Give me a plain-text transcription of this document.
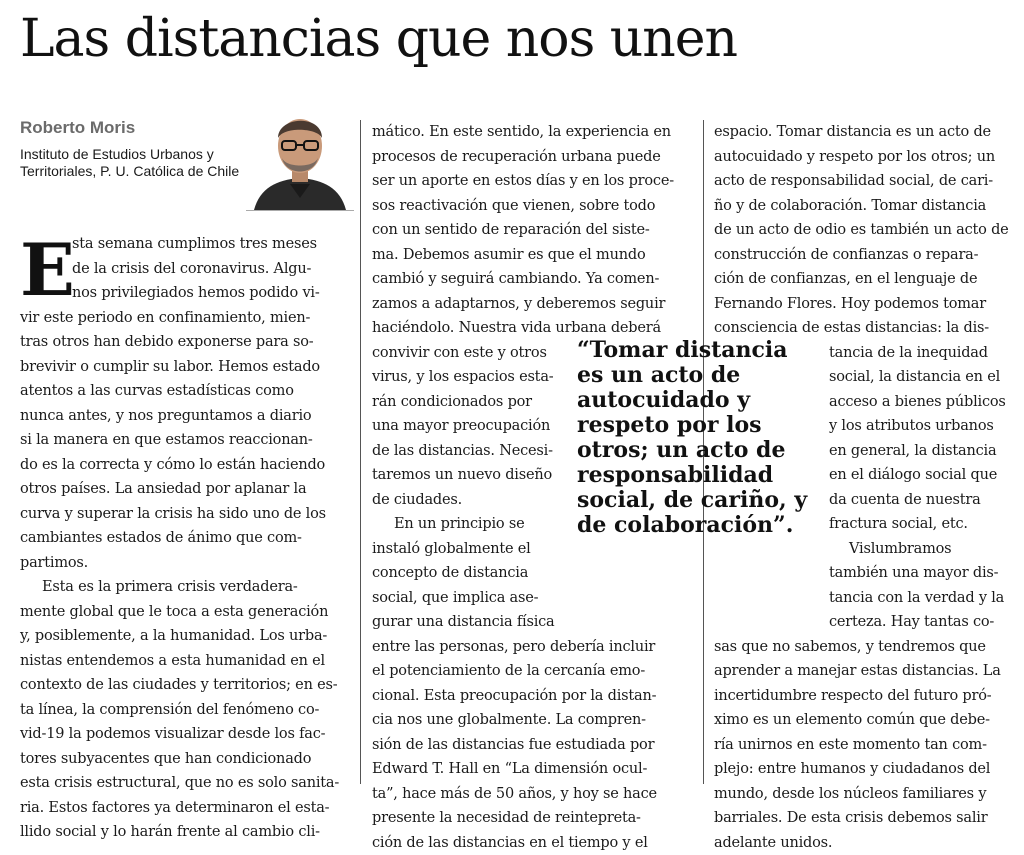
Las distancias que nos unen

Roberto Moris

Instituto de Estudios Urbanos y Territoriales, P. U. Católica de Chile

E

sta semana cumplimos tres meses

de la crisis del coronavirus. Algu-

nos privilegiados hemos podido vi-

vir este periodo en confinamiento, mien-

tras otros han debido exponerse para so-

brevivir o cumplir su labor. Hemos estado

atentos a las curvas estadísticas como

nunca antes, y nos preguntamos a diario

si la manera en que estamos reaccionan-

do es la correcta y cómo lo están haciendo

otros países. La ansiedad por aplanar la

curva y superar la crisis ha sido uno de los

cambiantes estados de ánimo que com-

partimos.

Esta es la primera crisis verdadera-

mente global que le toca a esta generación

y, posiblemente, a la humanidad. Los urba-

nistas entendemos a esta humanidad en el

contexto de las ciudades y territorios; en es-

ta línea, la comprensión del fenómeno co-

vid-19 la podemos visualizar desde los fac-

tores subyacentes que han condicionado

esta crisis estructural, que no es solo sanita-

ria. Estos factores ya determinaron el esta-

llido social y lo harán frente al cambio cli-

mático. En este sentido, la experiencia en

procesos de recuperación urbana puede

ser un aporte en estos días y en los proce-

sos reactivación que vienen, sobre todo

con un sentido de reparación del siste-

ma. Debemos asumir es que el mundo

cambió y seguirá cambiando. Ya comen-

zamos a adaptarnos, y deberemos seguir

haciéndolo. Nuestra vida urbana deberá

convivir con este y otros

virus, y los espacios esta-

rán condicionados por

una mayor preocupación

de las distancias. Necesi-

taremos un nuevo diseño

de ciudades.

En un principio se

instaló globalmente el

concepto de distancia

social, que implica ase-

gurar una distancia física

entre las personas, pero debería incluir

el potenciamiento de la cercanía emo-

cional. Esta preocupación por la distan-

cia nos une globalmente. La compren-

sión de las distancias fue estudiada por

Edward T. Hall en “La dimensión ocul-

ta”, hace más de 50 años, y hoy se hace

presente la necesidad de reintepreta-

ción de las distancias en el tiempo y el

espacio. Tomar distancia es un acto de

autocuidado y respeto por los otros; un

acto de responsabilidad social, de cari-

ño y de colaboración. Tomar distancia

de un acto de odio es también un acto de

construcción de confianzas o repara-

ción de confianzas, en el lenguaje de

Fernando Flores. Hoy podemos tomar

consciencia de estas distancias: la dis-

tancia de la inequidad

social, la distancia en el

acceso a bienes públicos

y los atributos urbanos

en general, la distancia

en el diálogo social que

da cuenta de nuestra

fractura social, etc.

Vislumbramos

también una mayor dis-

tancia con la verdad y la

certeza. Hay tantas co-

sas que no sabemos, y tendremos que

aprender a manejar estas distancias. La

incertidumbre respecto del futuro pró-

ximo es un elemento común que debe-

ría unirnos en este momento tan com-

plejo: entre humanos y ciudadanos del

mundo, desde los núcleos familiares y

barriales. De esta crisis debemos salir

adelante unidos.

“Tomar distancia es un acto de autocuidado y respeto por los otros; un acto de responsabilidad social, de cariño, y de colaboración”.
